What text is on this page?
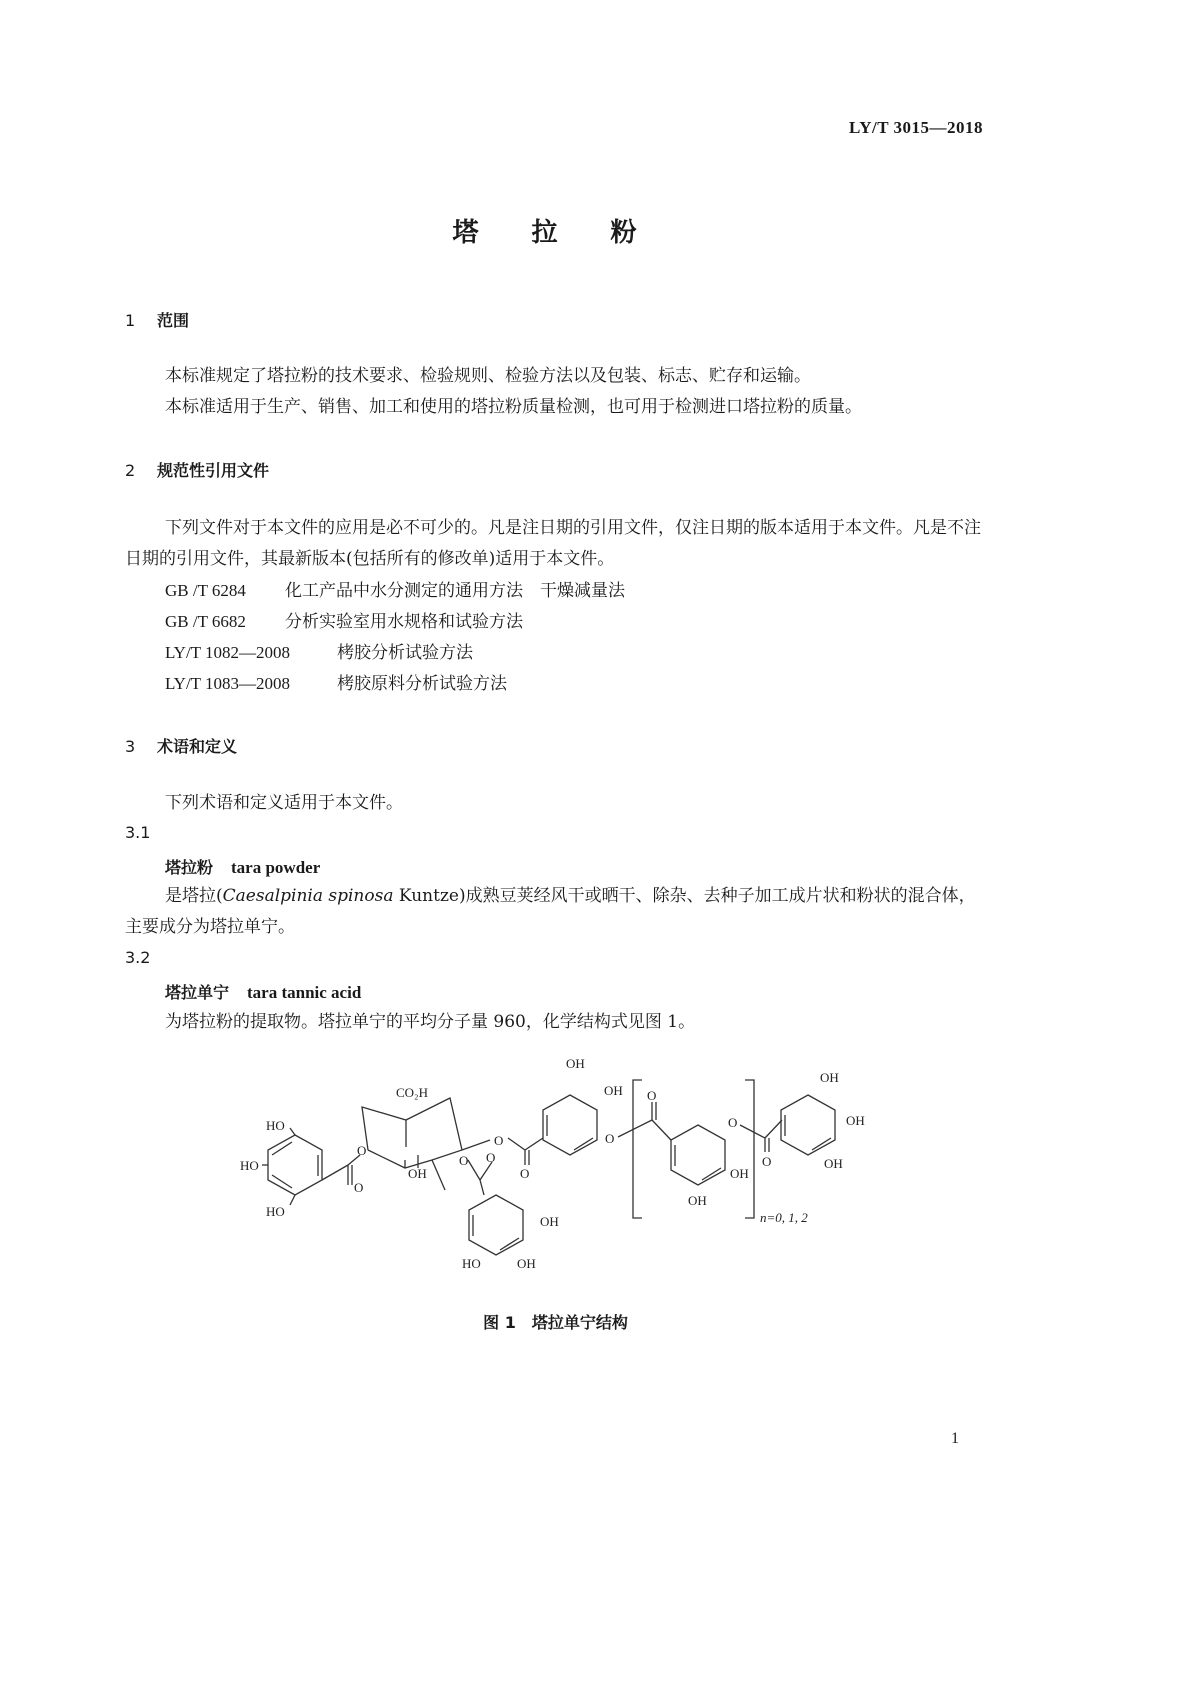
LY/T 3015—2018
塔 拉 粉
1 范围
本标准规定了塔拉粉的技术要求、检验规则、检验方法以及包装、标志、贮存和运输。
本标准适用于生产、销售、加工和使用的塔拉粉质量检测，也可用于检测进口塔拉粉的质量。
2 规范性引用文件
下列文件对于本文件的应用是必不可少的。凡是注日期的引用文件，仅注日期的版本适用于本文件。凡是不注日期的引用文件，其最新版本(包括所有的修改单)适用于本文件。
GB /T 6284 化工产品中水分测定的通用方法　干燥减量法
GB /T 6682 分析实验室用水规格和试验方法
LY/T 1082—2008	栲胶分析试验方法
LY/T 1083—2008	栲胶原料分析试验方法
3 术语和定义
下列术语和定义适用于本文件。
3.1
塔拉粉 tara powder
是塔拉(Caesalpinia spinosa Kuntze)成熟豆荚经风干或晒干、除杂、去种子加工成片状和粉状的混合体，主要成分为塔拉单宁。
3.2
塔拉单宁 tara tannic acid
为塔拉粉的提取物。塔拉单宁的平均分子量 960，化学结构式见图 1。
HO
HO
HO
O
O
CO₂H
OH
O
O
O
OH
HO	OH
OH
OH
O
O
O
O
OH
OH
n=0, 1, 2
O
OH
OH
OH
图 1　塔拉单宁结构
1
